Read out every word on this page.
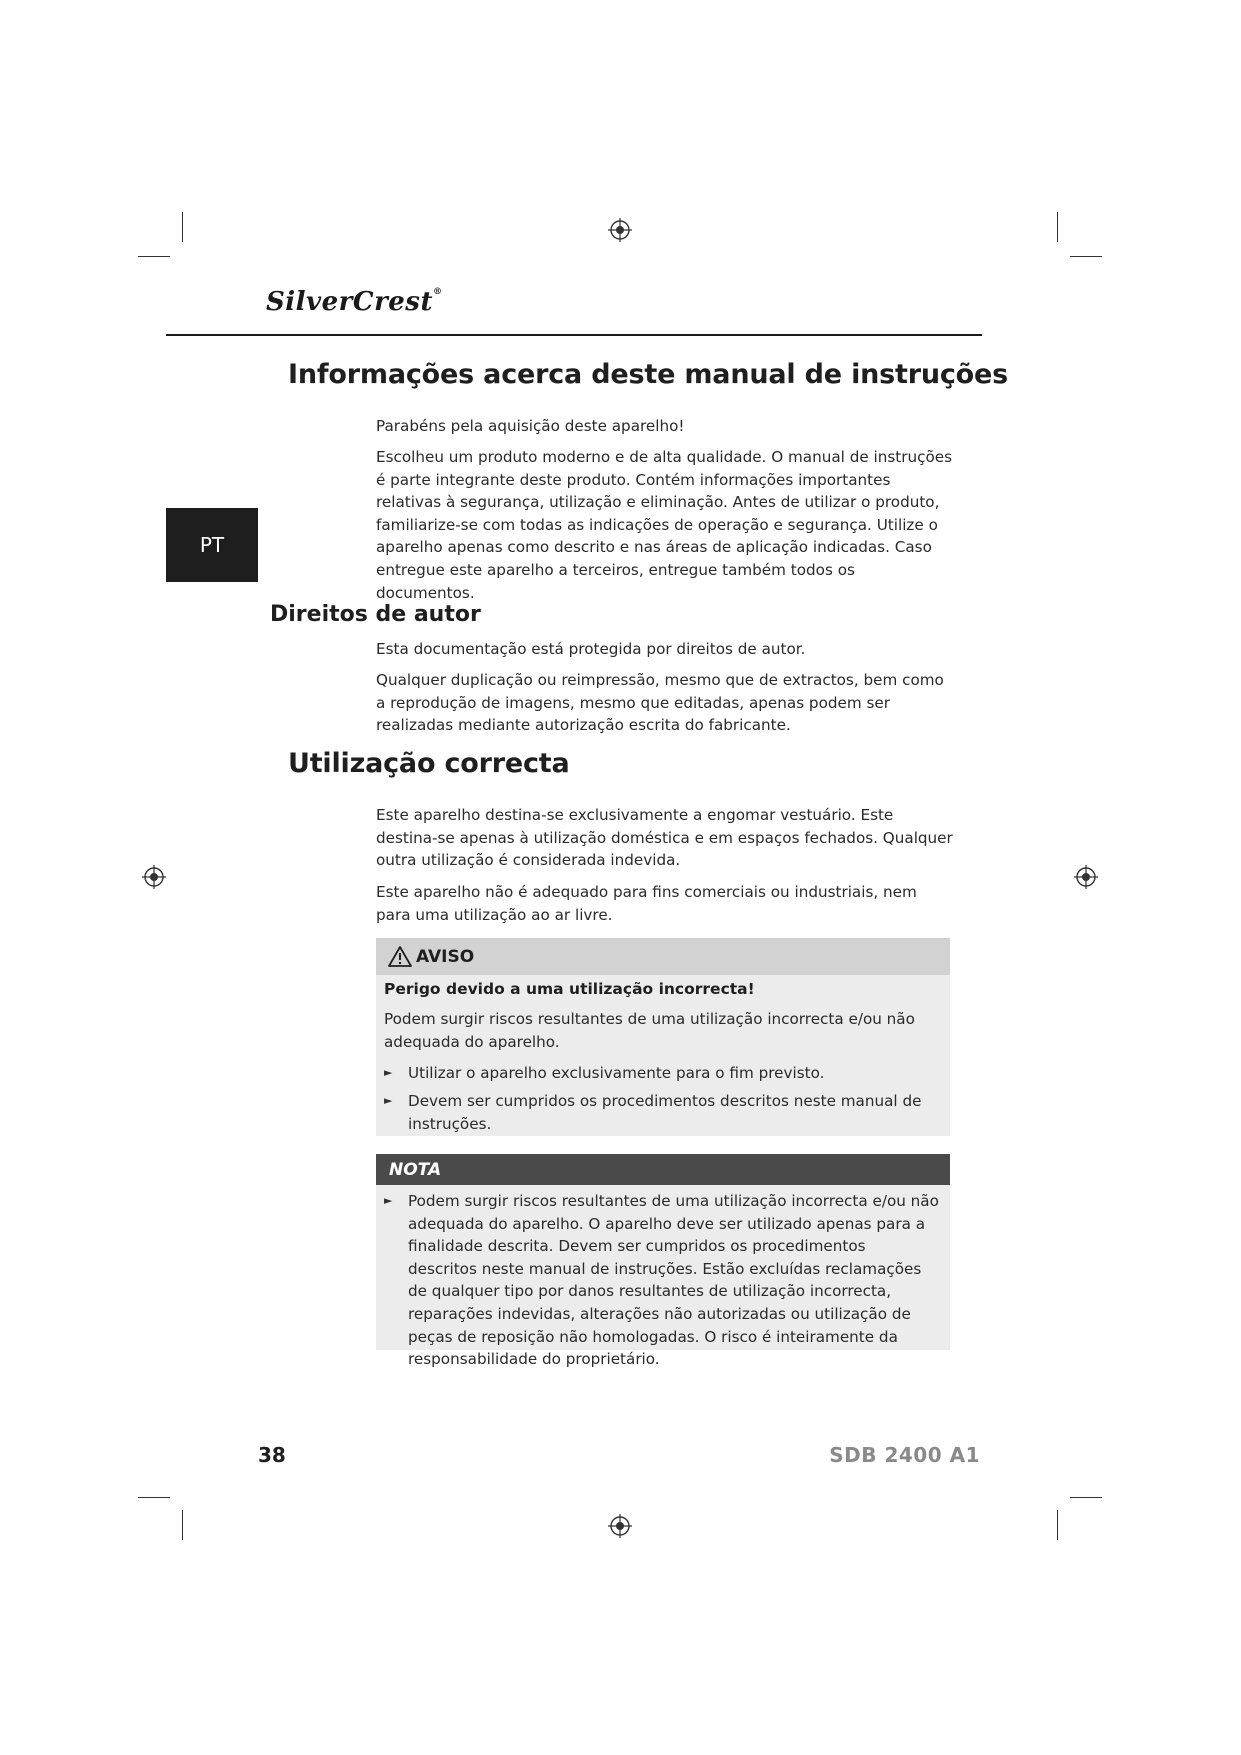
SilverCrest®
PT
Informações acerca deste manual de instruções

Parabéns pela aquisição deste aparelho!

Escolheu um produto moderno e de alta qualidade. O manual de instruções é parte integrante deste produto. Contém informações importantes relativas à segurança, utilização e eliminação. Antes de utilizar o produto, familiarize-se com todas as indicações de operação e segurança. Utilize o aparelho apenas como descrito e nas áreas de aplicação indicadas. Caso entregue este aparelho a terceiros, entregue também todos os documentos.

Direitos de autor

Esta documentação está protegida por direitos de autor.

Qualquer duplicação ou reimpressão, mesmo que de extractos, bem como a reprodução de imagens, mesmo que editadas, apenas podem ser realizadas mediante autorização escrita do fabricante.

Utilização correcta

Este aparelho destina-se exclusivamente a engomar vestuário. Este destina-se apenas à utilização doméstica e em espaços fechados. Qualquer outra utilização é considerada indevida.

Este aparelho não é adequado para fins comerciais ou industriais, nem para uma utilização ao ar livre.

AVISO
Perigo devido a uma utilização incorrecta!

Podem surgir riscos resultantes de uma utilização incorrecta e/ou não adequada do aparelho.

►	Utilizar o aparelho exclusivamente para o fim previsto.
►	Devem ser cumpridos os procedimentos descritos neste manual de instruções.
NOTA
►	Podem surgir riscos resultantes de uma utilização incorrecta e/ou não adequada do aparelho. O aparelho deve ser utilizado apenas para a finalidade descrita. Devem ser cumpridos os procedimentos descritos neste manual de instruções. Estão excluídas reclamações de qualquer tipo por danos resultantes de utilização incorrecta, reparações indevidas, alterações não autorizadas ou utilização de peças de reposição não homologadas. O risco é inteiramente da responsabilidade do proprietário.
38	SDB 2400 A1
